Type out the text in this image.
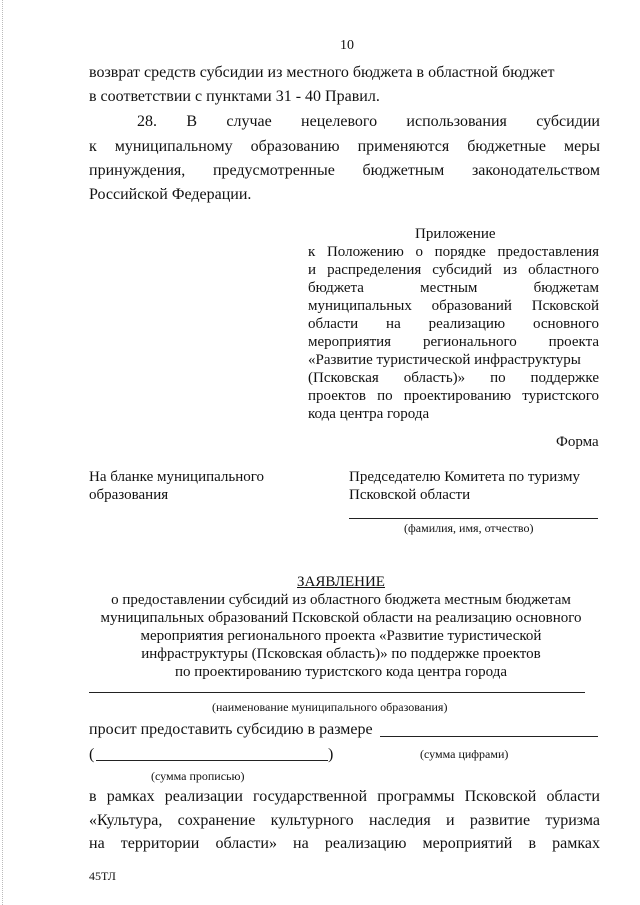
10
возврат средств субсидии из местного бюджета в областной бюджет
в соответствии с пунктами 31 - 40 Правил.
28. В случае нецелевого использования субсидии
к муниципальному образованию применяются бюджетные меры
принуждения, предусмотренные бюджетным законодательством
Российской Федерации.
Приложение
к Положению о порядке предоставления
и распределения субсидий из областного
бюджета	местным	бюджетам
муниципальных образований Псковской
области на реализацию основного
мероприятия регионального проекта
«Развитие туристической инфраструктуры
(Псковская область)» по поддержке
проектов по проектированию туристского
кода центра города
Форма
На бланке муниципального
образования
Председателю Комитета по туризму
Псковской области
(фамилия, имя, отчество)
ЗАЯВЛЕНИЕ
о предоставлении субсидий из областного бюджета местным бюджетам
муниципальных образований Псковской области на реализацию основного
мероприятия регионального проекта «Развитие туристической
инфраструктуры (Псковская область)» по поддержке проектов
по проектированию туристского кода центра города
(наименование муниципального образования)
просит предоставить субсидию в размере
(	)	(сумма цифрами)
(сумма прописью)
в рамках реализации государственной программы Псковской области
«Культура, сохранение культурного наследия и развитие туризма
на территории области» на реализацию мероприятий в рамках
45ТЛ
